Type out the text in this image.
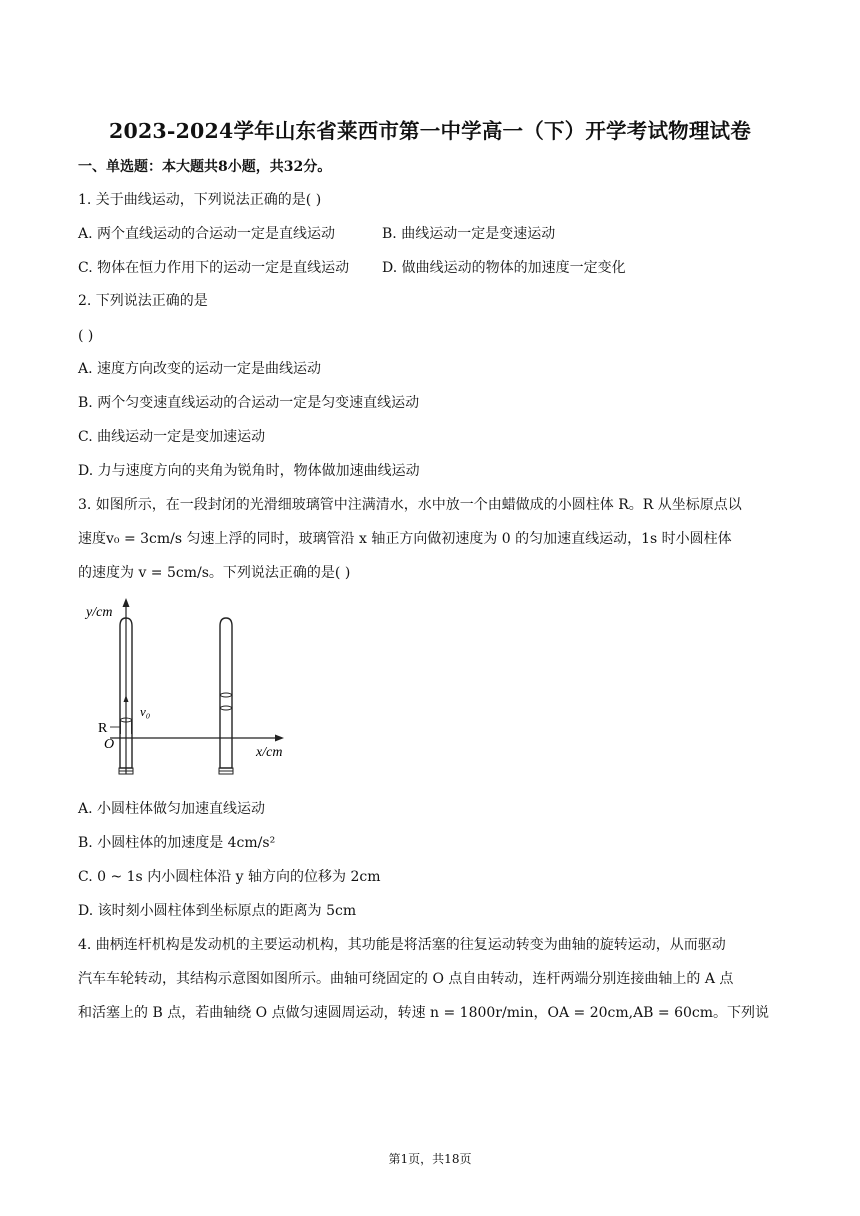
2023-2024学年山东省莱西市第一中学高一（下）开学考试物理试卷
一、单选题：本大题共8小题，共32分。
1. 关于曲线运动，下列说法正确的是( )
A. 两个直线运动的合运动一定是直线运动	B. 曲线运动一定是变速运动
C. 物体在恒力作用下的运动一定是直线运动 D. 做曲线运动的物体的加速度一定变化
2. 下列说法正确的是
( )
A. 速度方向改变的运动一定是曲线运动
B. 两个匀变速直线运动的合运动一定是匀变速直线运动
C. 曲线运动一定是变加速运动
D. 力与速度方向的夹角为锐角时，物体做加速曲线运动
3. 如图所示，在一段封闭的光滑细玻璃管中注满清水，水中放一个由蜡做成的小圆柱体 R。R 从坐标原点以
速度v₀ = 3cm/s 匀速上浮的同时，玻璃管沿 x 轴正方向做初速度为 0 的匀加速直线运动，1s 时小圆柱体
的速度为 v = 5cm/s。下列说法正确的是( )
y/cm
x/cm
v₀
R
O
A. 小圆柱体做匀加速直线运动
B. 小圆柱体的加速度是 4cm/s²
C. 0 ~ 1s 内小圆柱体沿 y 轴方向的位移为 2cm
D. 该时刻小圆柱体到坐标原点的距离为 5cm
4. 曲柄连杆机构是发动机的主要运动机构，其功能是将活塞的往复运动转变为曲轴的旋转运动，从而驱动
汽车车轮转动，其结构示意图如图所示。曲轴可绕固定的 O 点自由转动，连杆两端分别连接曲轴上的 A 点
和活塞上的 B 点，若曲轴绕 O 点做匀速圆周运动，转速 n = 1800r/min，OA = 20cm,AB = 60cm。下列说
第1页，共18页
